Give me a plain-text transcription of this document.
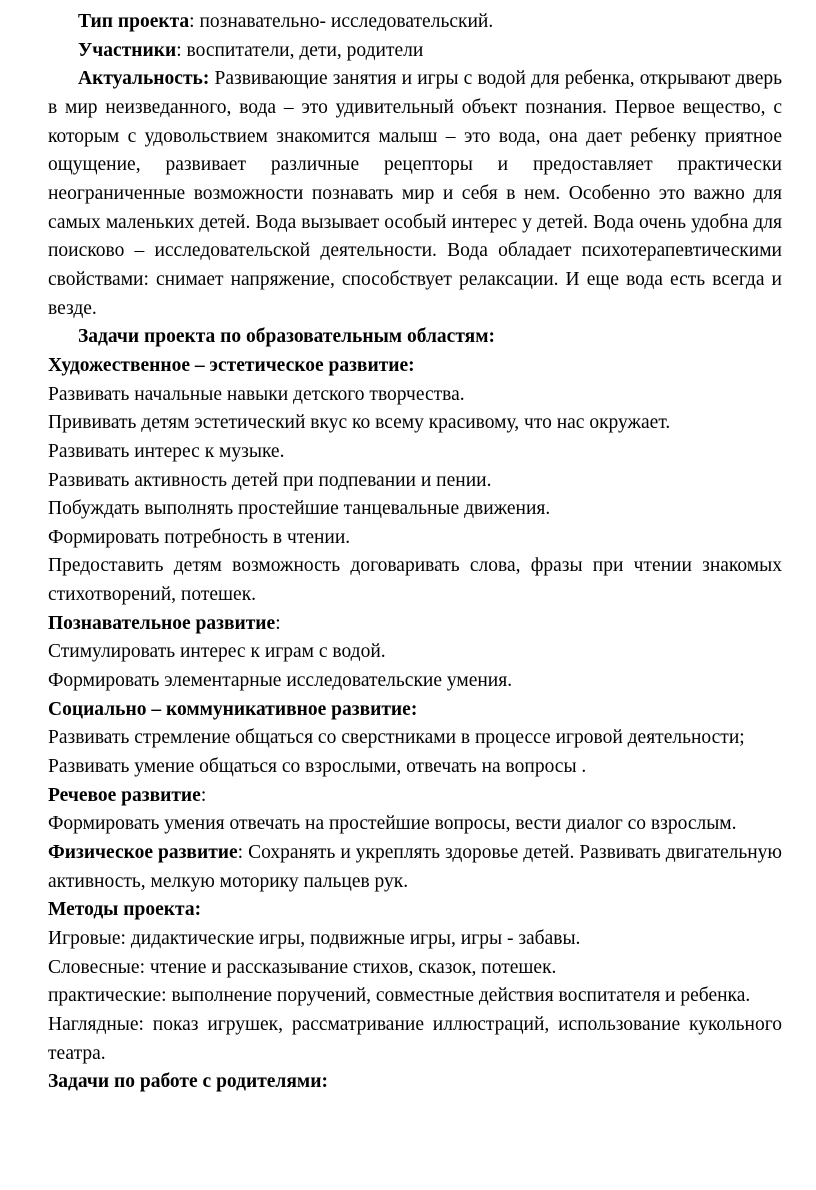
Тип проекта: познавательно- исследовательский.

Участники: воспитатели, дети, родители

Актуальность: Развивающие занятия и игры с водой для ребенка, открывают дверь в мир неизведанного, вода – это удивительный объект познания. Первое вещество, с которым с удовольствием знакомится малыш – это вода, она дает ребенку приятное ощущение, развивает различные рецепторы и предоставляет практически неограниченные возможности познавать мир и себя в нем. Особенно это важно для самых маленьких детей. Вода вызывает особый интерес у детей. Вода очень удобна для поисково – исследовательской деятельности. Вода обладает психотерапевтическими свойствами: снимает напряжение, способствует релаксации. И еще вода есть всегда и везде.

Задачи проекта по образовательным областям:

Художественное – эстетическое развитие:

Развивать начальные навыки детского творчества.

Прививать детям эстетический вкус ко всему красивому, что нас окружает.

Развивать интерес к музыке.

Развивать активность детей при подпевании и пении.

Побуждать выполнять простейшие танцевальные движения.

Формировать потребность в чтении.

Предоставить детям возможность договаривать слова, фразы при чтении знакомых стихотворений, потешек.

Познавательное развитие:

Стимулировать интерес к играм с водой.

Формировать элементарные исследовательские умения.

Социально – коммуникативное развитие:

Развивать стремление общаться со сверстниками в процессе игровой деятельности;

Развивать умение общаться со взрослыми, отвечать на вопросы .

Речевое развитие:

Формировать умения отвечать на простейшие вопросы, вести диалог со взрослым.

Физическое развитие: Сохранять и укреплять здоровье детей. Развивать двигательную активность, мелкую моторику пальцев рук.

Методы проекта:

Игровые: дидактические игры, подвижные игры, игры - забавы.

Словесные: чтение и рассказывание стихов, сказок, потешек.

практические: выполнение поручений, совместные действия воспитателя и ребенка.

Наглядные: показ игрушек, рассматривание иллюстраций, использование кукольного театра.

Задачи по работе с родителями:
